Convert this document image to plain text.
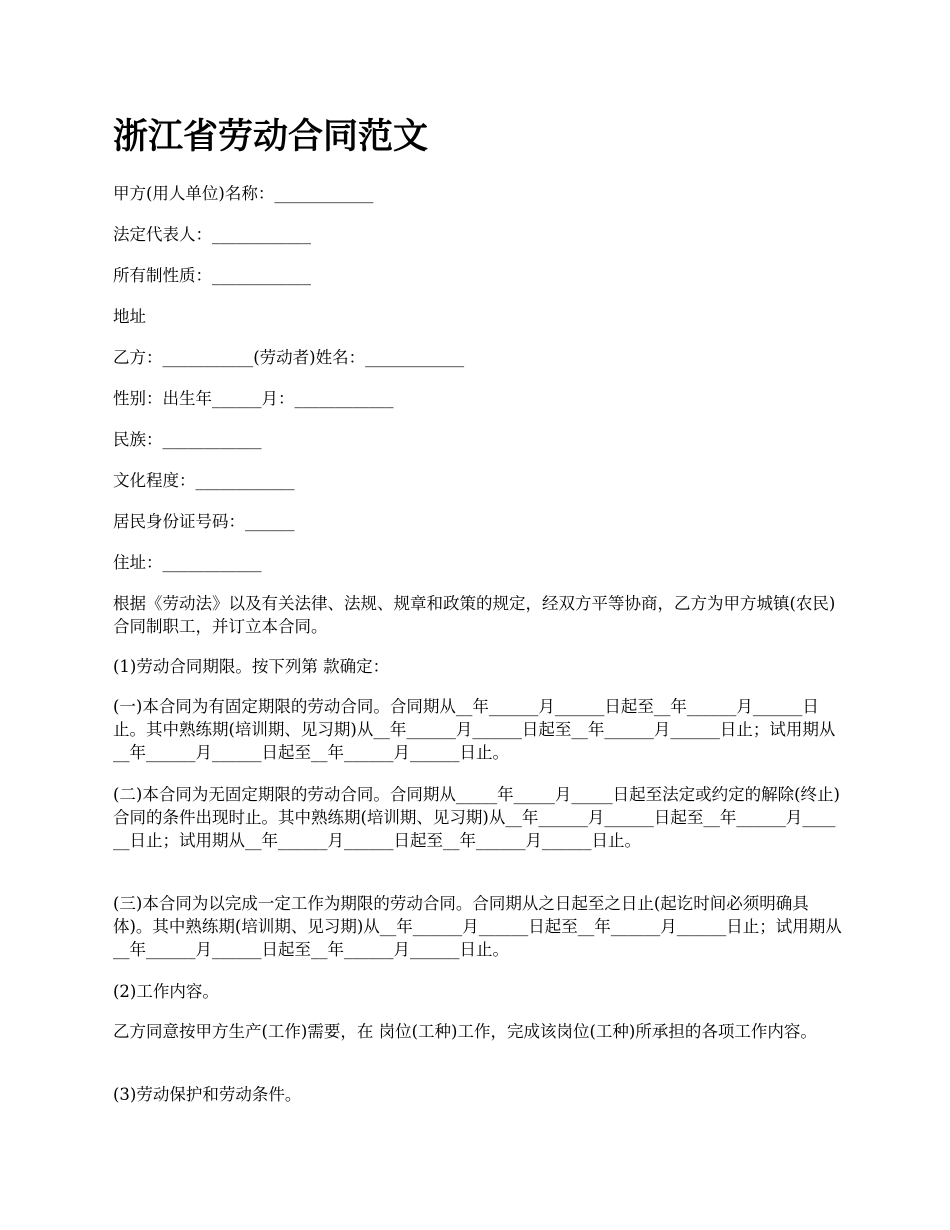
浙江省劳动合同范文

甲方(用人单位)名称：____________

法定代表人：____________

所有制性质：____________

地址

乙方：___________(劳动者)姓名：____________

性别：出生年______月：____________

民族：____________

文化程度：____________

居民身份证号码：______

住址：____________

根据《劳动法》以及有关法律、法规、规章和政策的规定，经双方平等协商，乙方为甲方城镇(农民)合同制职工，并订立本合同。

(1)劳动合同期限。按下列第 款确定：

(一)本合同为有固定期限的劳动合同。合同期从__年______月______日起至__年______月______日止。其中熟练期(培训期、见习期)从__年______月______日起至__年______月______日止；试用期从__年______月______日起至__年______月______日止。

(二)本合同为无固定期限的劳动合同。合同期从_____年_____月_____日起至法定或约定的解除(终止)合同的条件出现时止。其中熟练期(培训期、见习期)从__年______月______日起至__年______月______日止；试用期从__年______月______日起至__年______月______日止。

(三)本合同为以完成一定工作为期限的劳动合同。合同期从之日起至之日止(起讫时间必须明确具体)。其中熟练期(培训期、见习期)从__年______月______日起至__年______月______日止；试用期从__年______月______日起至__年______月______日止。

(2)工作内容。

乙方同意按甲方生产(工作)需要，在 岗位(工种)工作，完成该岗位(工种)所承担的各项工作内容。

(3)劳动保护和劳动条件。
